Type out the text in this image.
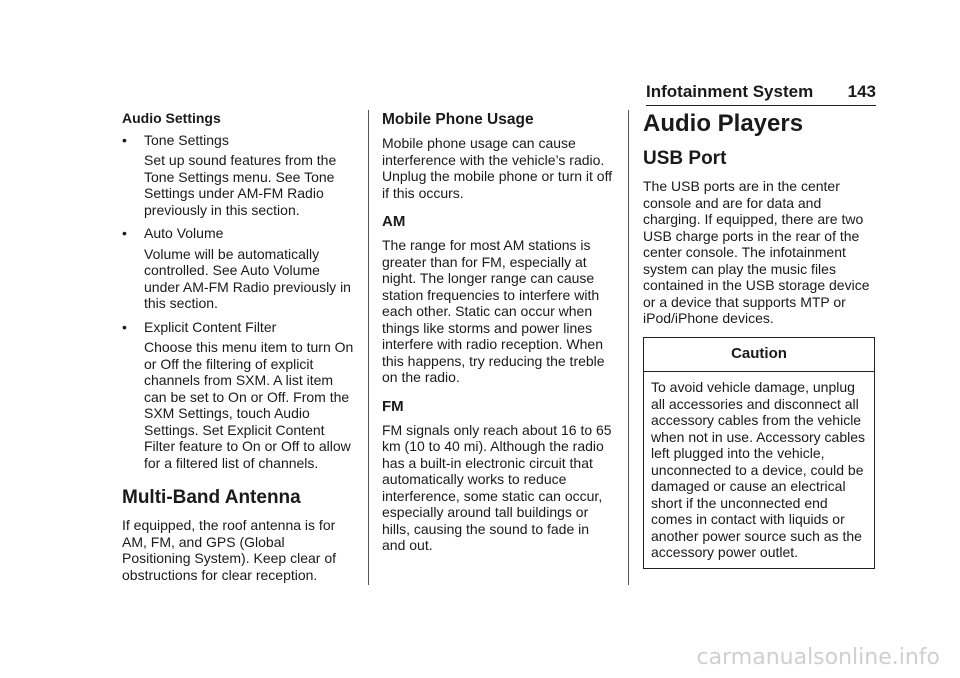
Infotainment System 143
Audio Settings
•	Tone Settings

Set up sound features from the Tone Settings menu. See Tone Settings under AM-FM Radio previously in this section.

•	Auto Volume

Volume will be automatically controlled. See Auto Volume under AM-FM Radio previously in this section.

•	Explicit Content Filter

Choose this menu item to turn On or Off the filtering of explicit channels from SXM. A list item can be set to On or Off. From the SXM Settings, touch Audio Settings. Set Explicit Content Filter feature to On or Off to allow for a filtered list of channels.

Multi-Band Antenna

If equipped, the roof antenna is for AM, FM, and GPS (Global Positioning System). Keep clear of obstructions for clear reception.

Mobile Phone Usage

Mobile phone usage can cause interference with the vehicle’s radio. Unplug the mobile phone or turn it off if this occurs.

AM

The range for most AM stations is greater than for FM, especially at night. The longer range can cause station frequencies to interfere with each other. Static can occur when things like storms and power lines interfere with radio reception. When this happens, try reducing the treble on the radio.

FM

FM signals only reach about 16 to 65 km (10 to 40 mi). Although the radio has a built-in electronic circuit that automatically works to reduce interference, some static can occur, especially around tall buildings or hills, causing the sound to fade in and out.

Audio Players
USB Port

The USB ports are in the center console and are for data and charging. If equipped, there are two USB charge ports in the rear of the center console. The infotainment system can play the music files contained in the USB storage device or a device that supports MTP or iPod/iPhone devices.

Caution
To avoid vehicle damage, unplug all accessories and disconnect all accessory cables from the vehicle when not in use. Accessory cables left plugged into the vehicle, unconnected to a device, could be damaged or cause an electrical short if the unconnected end comes in contact with liquids or another power source such as the accessory power outlet.
carmanualsonline.info
